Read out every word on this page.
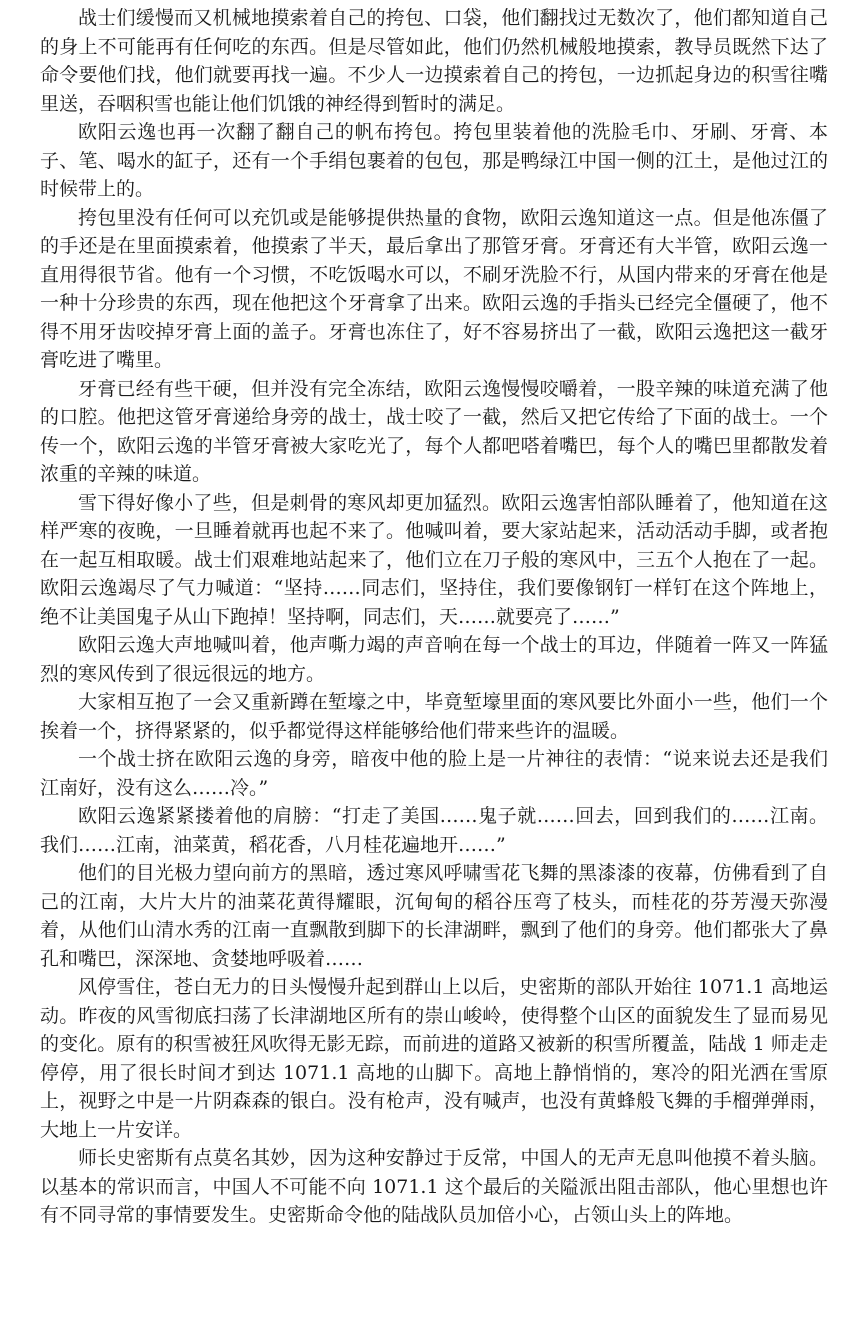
战士们缓慢而又机械地摸索着自己的挎包、口袋，他们翻找过无数次了，他们都知道自己的身上不可能再有任何吃的东西。但是尽管如此，他们仍然机械般地摸索，教导员既然下达了命令要他们找，他们就要再找一遍。不少人一边摸索着自己的挎包，一边抓起身边的积雪往嘴里送，吞咽积雪也能让他们饥饿的神经得到暂时的满足。

欧阳云逸也再一次翻了翻自己的帆布挎包。挎包里装着他的洗脸毛巾、牙刷、牙膏、本子、笔、喝水的缸子，还有一个手绢包裹着的包包，那是鸭绿江中国一侧的江土，是他过江的时候带上的。

挎包里没有任何可以充饥或是能够提供热量的食物，欧阳云逸知道这一点。但是他冻僵了的手还是在里面摸索着，他摸索了半天，最后拿出了那管牙膏。牙膏还有大半管，欧阳云逸一直用得很节省。他有一个习惯，不吃饭喝水可以，不刷牙洗脸不行，从国内带来的牙膏在他是一种十分珍贵的东西，现在他把这个牙膏拿了出来。欧阳云逸的手指头已经完全僵硬了，他不得不用牙齿咬掉牙膏上面的盖子。牙膏也冻住了，好不容易挤出了一截，欧阳云逸把这一截牙膏吃进了嘴里。

牙膏已经有些干硬，但并没有完全冻结，欧阳云逸慢慢咬嚼着，一股辛辣的味道充满了他的口腔。他把这管牙膏递给身旁的战士，战士咬了一截，然后又把它传给了下面的战士。一个传一个，欧阳云逸的半管牙膏被大家吃光了，每个人都吧嗒着嘴巴，每个人的嘴巴里都散发着浓重的辛辣的味道。

雪下得好像小了些，但是刺骨的寒风却更加猛烈。欧阳云逸害怕部队睡着了，他知道在这样严寒的夜晚，一旦睡着就再也起不来了。他喊叫着，要大家站起来，活动活动手脚，或者抱在一起互相取暖。战士们艰难地站起来了，他们立在刀子般的寒风中，三五个人抱在了一起。欧阳云逸竭尽了气力喊道：“坚持……同志们，坚持住，我们要像钢钉一样钉在这个阵地上，绝不让美国鬼子从山下跑掉！坚持啊，同志们，天……就要亮了……”

欧阳云逸大声地喊叫着，他声嘶力竭的声音响在每一个战士的耳边，伴随着一阵又一阵猛烈的寒风传到了很远很远的地方。

大家相互抱了一会又重新蹲在堑壕之中，毕竟堑壕里面的寒风要比外面小一些，他们一个挨着一个，挤得紧紧的，似乎都觉得这样能够给他们带来些许的温暖。

一个战士挤在欧阳云逸的身旁，暗夜中他的脸上是一片神往的表情：“说来说去还是我们江南好，没有这么……冷。”

欧阳云逸紧紧搂着他的肩膀：“打走了美国……鬼子就……回去，回到我们的……江南。我们……江南，油菜黄，稻花香，八月桂花遍地开……”

他们的目光极力望向前方的黑暗，透过寒风呼啸雪花飞舞的黑漆漆的夜幕，仿佛看到了自己的江南，大片大片的油菜花黄得耀眼，沉甸甸的稻谷压弯了枝头，而桂花的芬芳漫天弥漫着，从他们山清水秀的江南一直飘散到脚下的长津湖畔，飘到了他们的身旁。他们都张大了鼻孔和嘴巴，深深地、贪婪地呼吸着……

风停雪住，苍白无力的日头慢慢升起到群山上以后，史密斯的部队开始往 1071.1 高地运动。昨夜的风雪彻底扫荡了长津湖地区所有的崇山峻岭，使得整个山区的面貌发生了显而易见的变化。原有的积雪被狂风吹得无影无踪，而前进的道路又被新的积雪所覆盖，陆战 1 师走走停停，用了很长时间才到达 1071.1 高地的山脚下。高地上静悄悄的，寒冷的阳光洒在雪原上，视野之中是一片阴森森的银白。没有枪声，没有喊声，也没有黄蜂般飞舞的手榴弹弹雨，大地上一片安详。

师长史密斯有点莫名其妙，因为这种安静过于反常，中国人的无声无息叫他摸不着头脑。以基本的常识而言，中国人不可能不向 1071.1 这个最后的关隘派出阻击部队，他心里想也许有不同寻常的事情要发生。史密斯命令他的陆战队员加倍小心，占领山头上的阵地。
